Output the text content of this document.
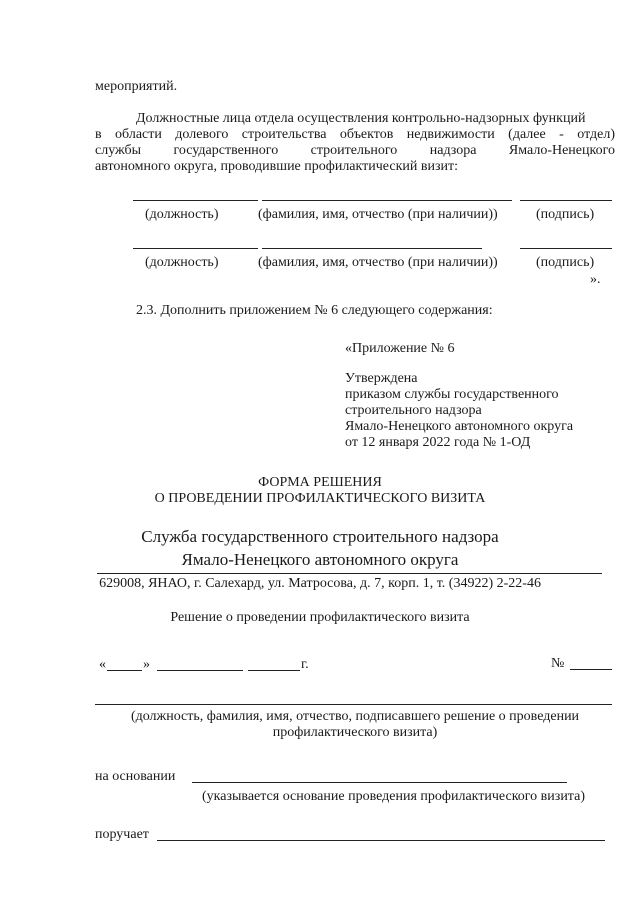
мероприятий.
Должностные лица отдела осуществления контрольно-надзорных функций
в области долевого строительства объектов недвижимости (далее - отдел)
службы государственного строительного надзора Ямало-Ненецкого
автономного округа, проводившие профилактический визит:
(должность)	(фамилия, имя, отчество (при наличии))	(подпись)
(должность)	(фамилия, имя, отчество (при наличии))	(подпись)
».
2.3. Дополнить приложением № 6 следующего содержания:
«Приложение № 6
Утверждена
приказом службы государственного
строительного надзора
Ямало-Ненецкого автономного округа
от 12 января 2022 года № 1-ОД
ФОРМА РЕШЕНИЯ
О ПРОВЕДЕНИИ ПРОФИЛАКТИЧЕСКОГО ВИЗИТА
Служба государственного строительного надзора
Ямало-Ненецкого автономного округа
629008, ЯНАО, г. Салехард, ул. Матросова, д. 7, корп. 1, т. (34922) 2-22-46
Решение о проведении профилактического визита
«	»	г.	№
(должность, фамилия, имя, отчество, подписавшего решение о проведении
профилактического визита)
на основании
(указывается основание проведения профилактического визита)
поручает
